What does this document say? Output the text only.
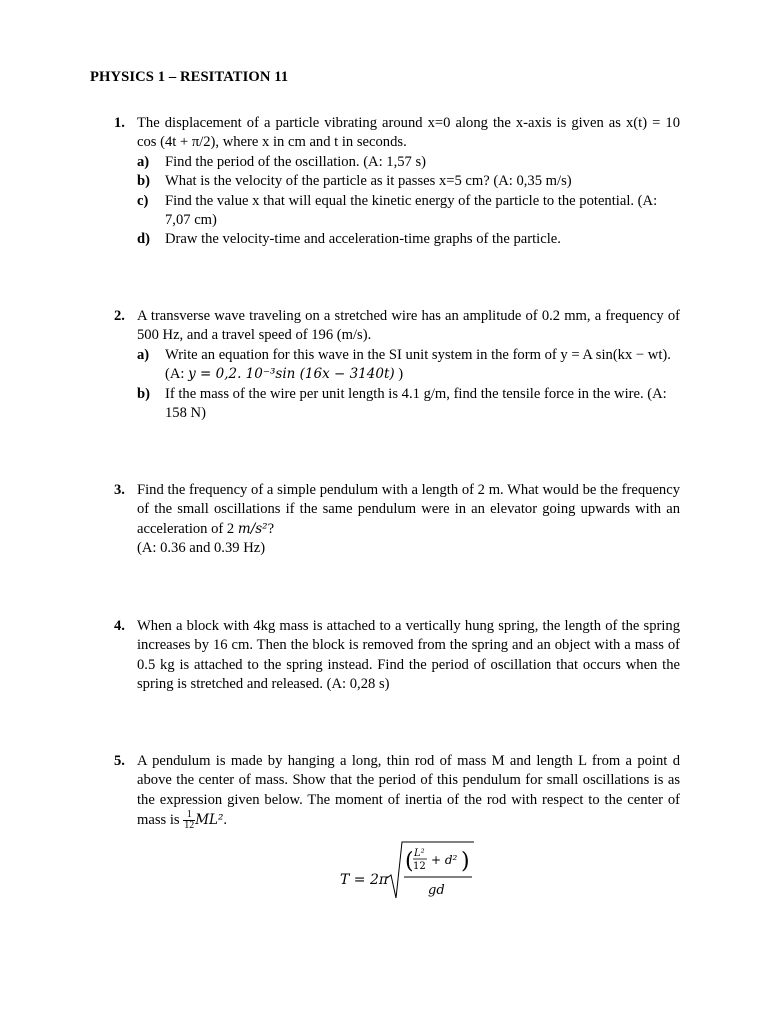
PHYSICS 1 – RESITATION 11
1. The displacement of a particle vibrating around x=0 along the x-axis is given as x(t) = 10 cos (4t + π/2), where x in cm and t in seconds.
a) Find the period of the oscillation. (A: 1,57 s)
b) What is the velocity of the particle as it passes x=5 cm? (A: 0,35 m/s)
c) Find the value x that will equal the kinetic energy of the particle to the potential. (A: 7,07 cm)
d) Draw the velocity-time and acceleration-time graphs of the particle.
2. A transverse wave traveling on a stretched wire has an amplitude of 0.2 mm, a frequency of 500 Hz, and a travel speed of 196 (m/s).
a) Write an equation for this wave in the SI unit system in the form of y = A sin(kx − wt). (A: y = 0,2. 10⁻³sin (16x − 3140t) )
b) If the mass of the wire per unit length is 4.1 g/m, find the tensile force in the wire. (A: 158 N)
3. Find the frequency of a simple pendulum with a length of 2 m. What would be the frequency of the small oscillations if the same pendulum were in an elevator going upwards with an acceleration of 2 m/s²?
(A: 0.36 and 0.39 Hz)
4. When a block with 4kg mass is attached to a vertically hung spring, the length of the spring increases by 16 cm. Then the block is removed from the spring and an object with a mass of 0.5 kg is attached to the spring instead. Find the period of oscillation that occurs when the spring is stretched and released. (A: 0,28 s)
5. A pendulum is made by hanging a long, thin rod of mass M and length L from a point d above the center of mass. Show that the period of this pendulum for small oscillations is as the expression given below. The moment of inertia of the rod with respect to the center of mass is $\frac{1}{12} ML^2$.
T = 2π
( L²
12 + d² )
gd
